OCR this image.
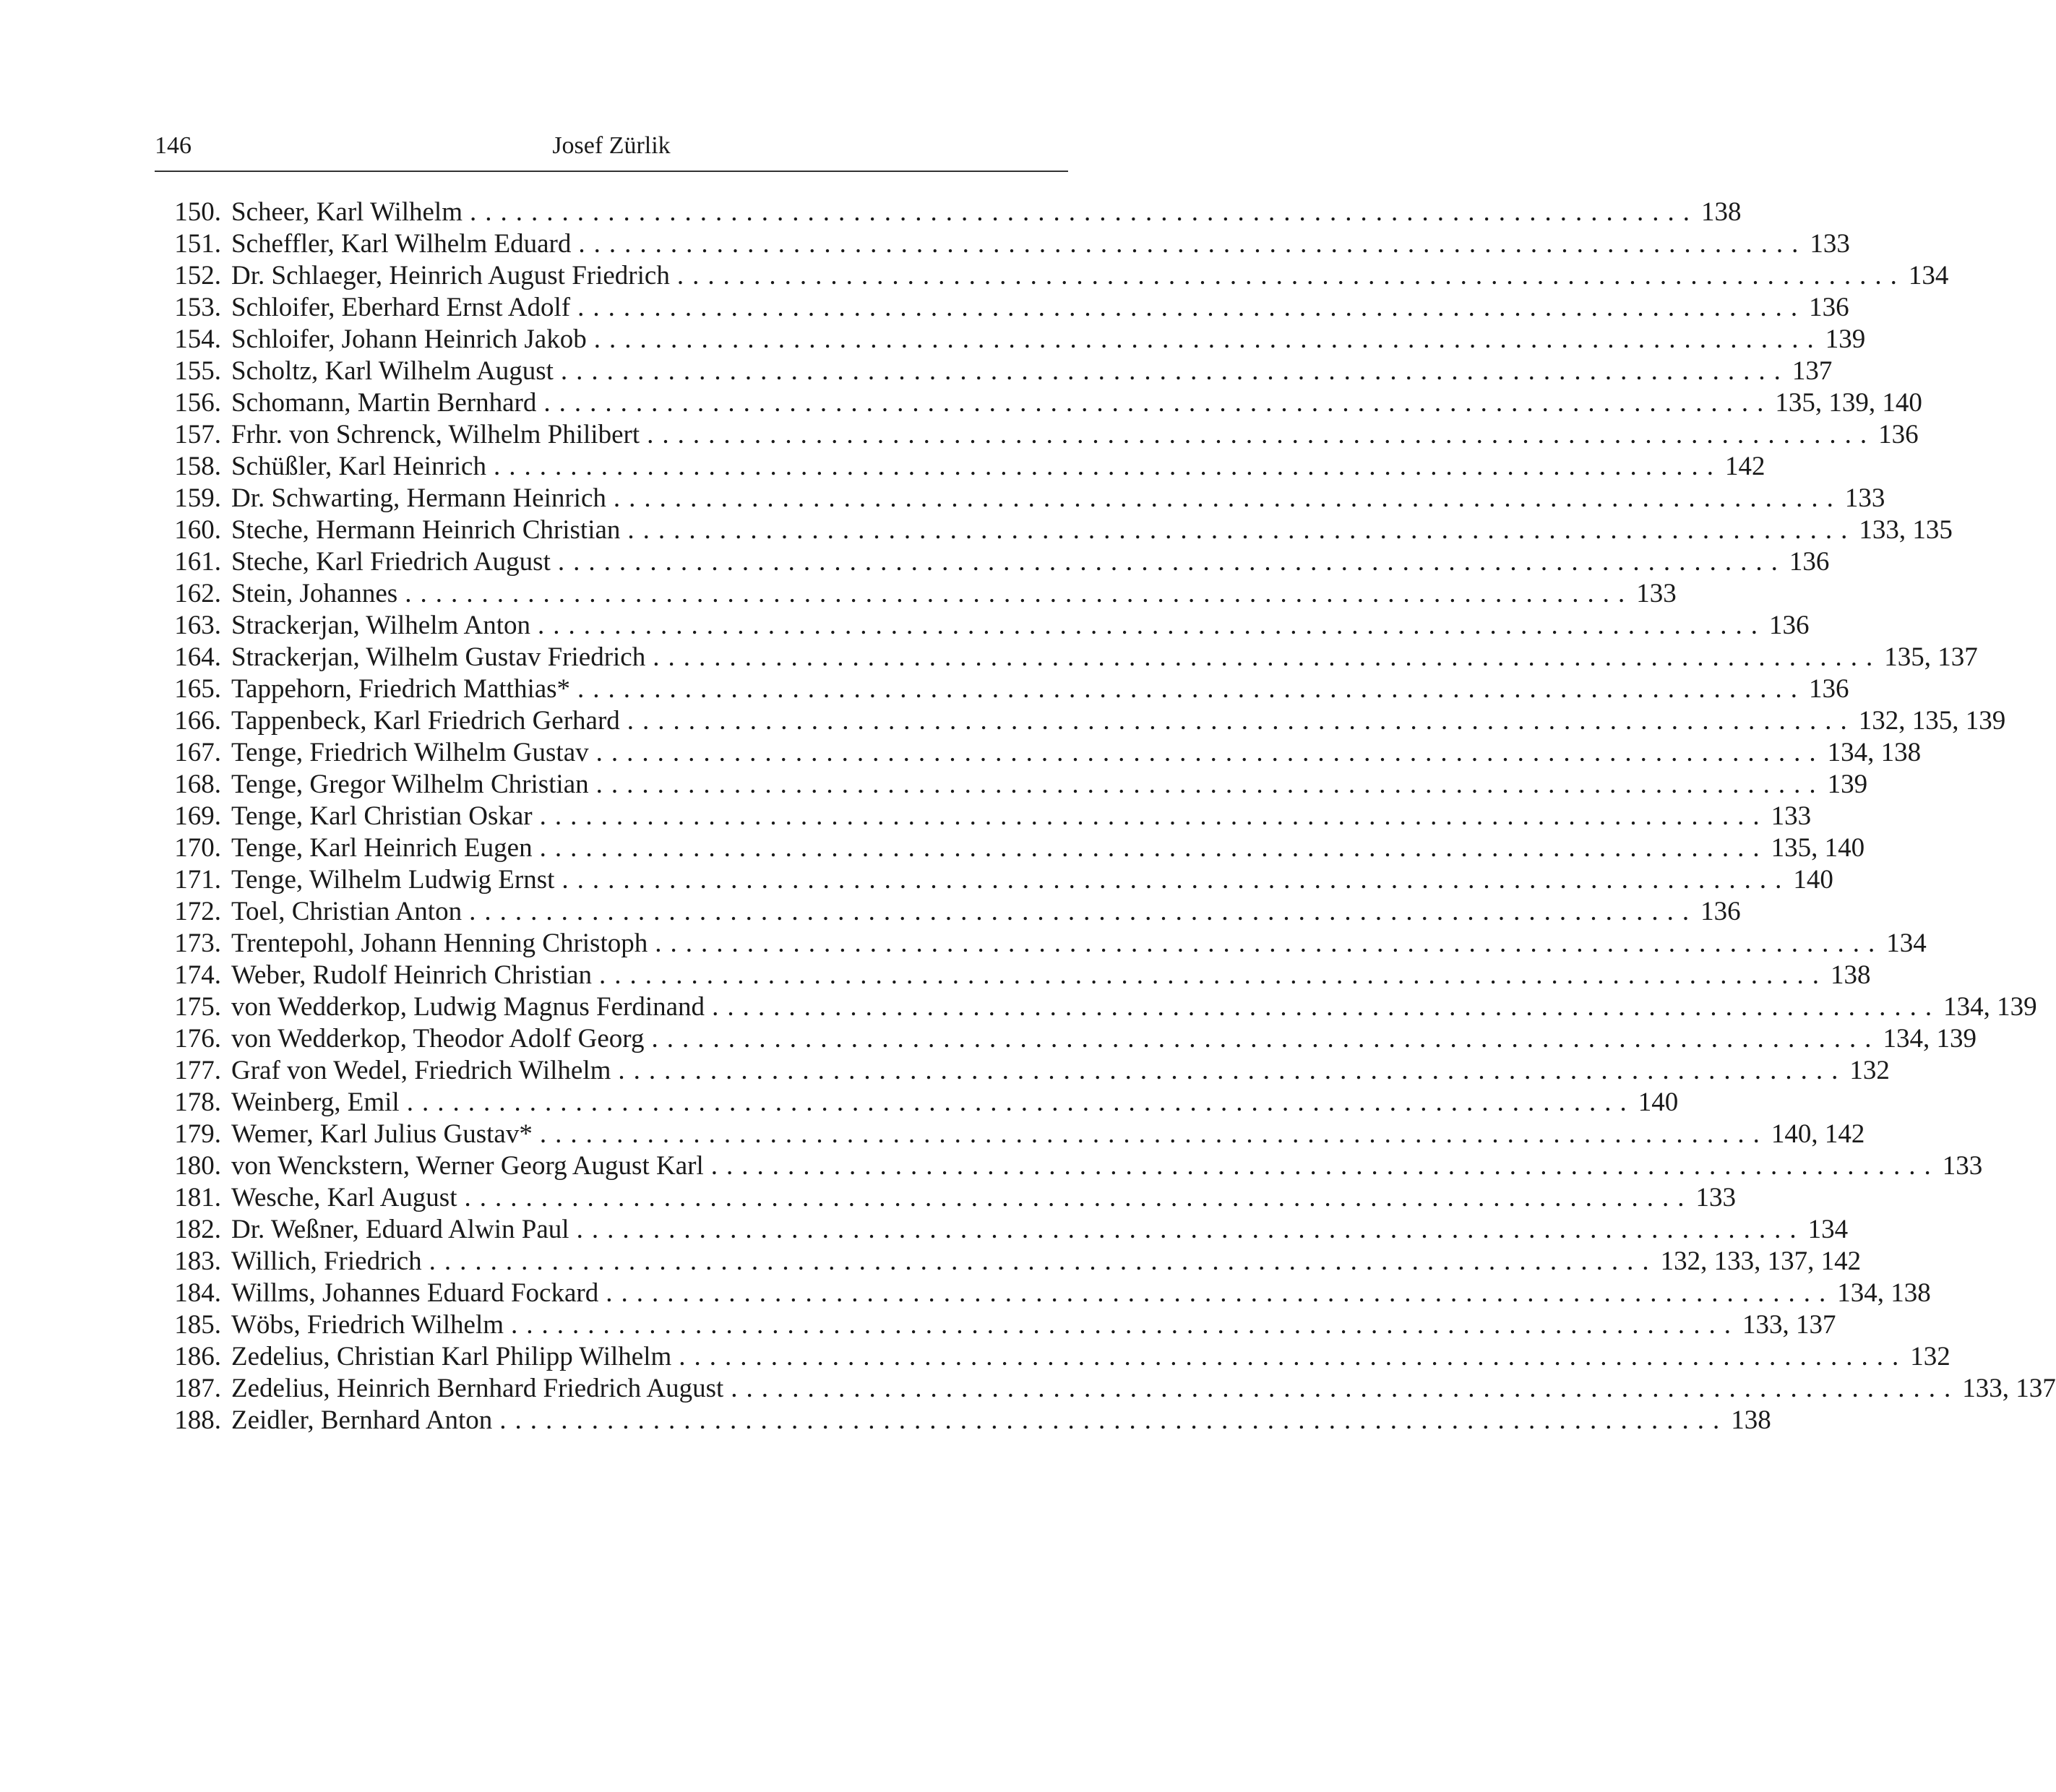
146	Josef Zürlik
150. Scheer, Karl Wilhelm ................................................................................ 138
151. Scheffler, Karl Wilhelm Eduard ................................................................................ 133
152. Dr. Schlaeger, Heinrich August Friedrich ................................................................................ 134
153. Schloifer, Eberhard Ernst Adolf ................................................................................ 136
154. Schloifer, Johann Heinrich Jakob ................................................................................ 139
155. Scholtz, Karl Wilhelm August ................................................................................ 137
156. Schomann, Martin Bernhard ................................................................................ 135, 139, 140
157. Frhr. von Schrenck, Wilhelm Philibert ................................................................................ 136
158. Schüßler, Karl Heinrich ................................................................................ 142
159. Dr. Schwarting, Hermann Heinrich ................................................................................ 133
160. Steche, Hermann Heinrich Christian ................................................................................ 133, 135
161. Steche, Karl Friedrich August ................................................................................ 136
162. Stein, Johannes ................................................................................ 133
163. Strackerjan, Wilhelm Anton ................................................................................ 136
164. Strackerjan, Wilhelm Gustav Friedrich ................................................................................ 135, 137
165. Tappehorn, Friedrich Matthias* ................................................................................ 136
166. Tappenbeck, Karl Friedrich Gerhard ................................................................................ 132, 135, 139
167. Tenge, Friedrich Wilhelm Gustav ................................................................................ 134, 138
168. Tenge, Gregor Wilhelm Christian ................................................................................ 139
169. Tenge, Karl Christian Oskar ................................................................................ 133
170. Tenge, Karl Heinrich Eugen ................................................................................ 135, 140
171. Tenge, Wilhelm Ludwig Ernst ................................................................................ 140
172. Toel, Christian Anton ................................................................................ 136
173. Trentepohl, Johann Henning Christoph ................................................................................ 134
174. Weber, Rudolf Heinrich Christian ................................................................................ 138
175. von Wedderkop, Ludwig Magnus Ferdinand ................................................................................ 134, 139
176. von Wedderkop, Theodor Adolf Georg ................................................................................ 134, 139
177. Graf von Wedel, Friedrich Wilhelm ................................................................................ 132
178. Weinberg, Emil ................................................................................ 140
179. Wemer, Karl Julius Gustav* ................................................................................ 140, 142
180. von Wenckstern, Werner Georg August Karl ................................................................................ 133
181. Wesche, Karl August ................................................................................ 133
182. Dr. Weßner, Eduard Alwin Paul ................................................................................ 134
183. Willich, Friedrich ................................................................................ 132, 133, 137, 142
184. Willms, Johannes Eduard Fockard ................................................................................ 134, 138
185. Wöbs, Friedrich Wilhelm ................................................................................ 133, 137
186. Zedelius, Christian Karl Philipp Wilhelm ................................................................................ 132
187. Zedelius, Heinrich Bernhard Friedrich August ................................................................................ 133, 137
188. Zeidler, Bernhard Anton ................................................................................ 138
